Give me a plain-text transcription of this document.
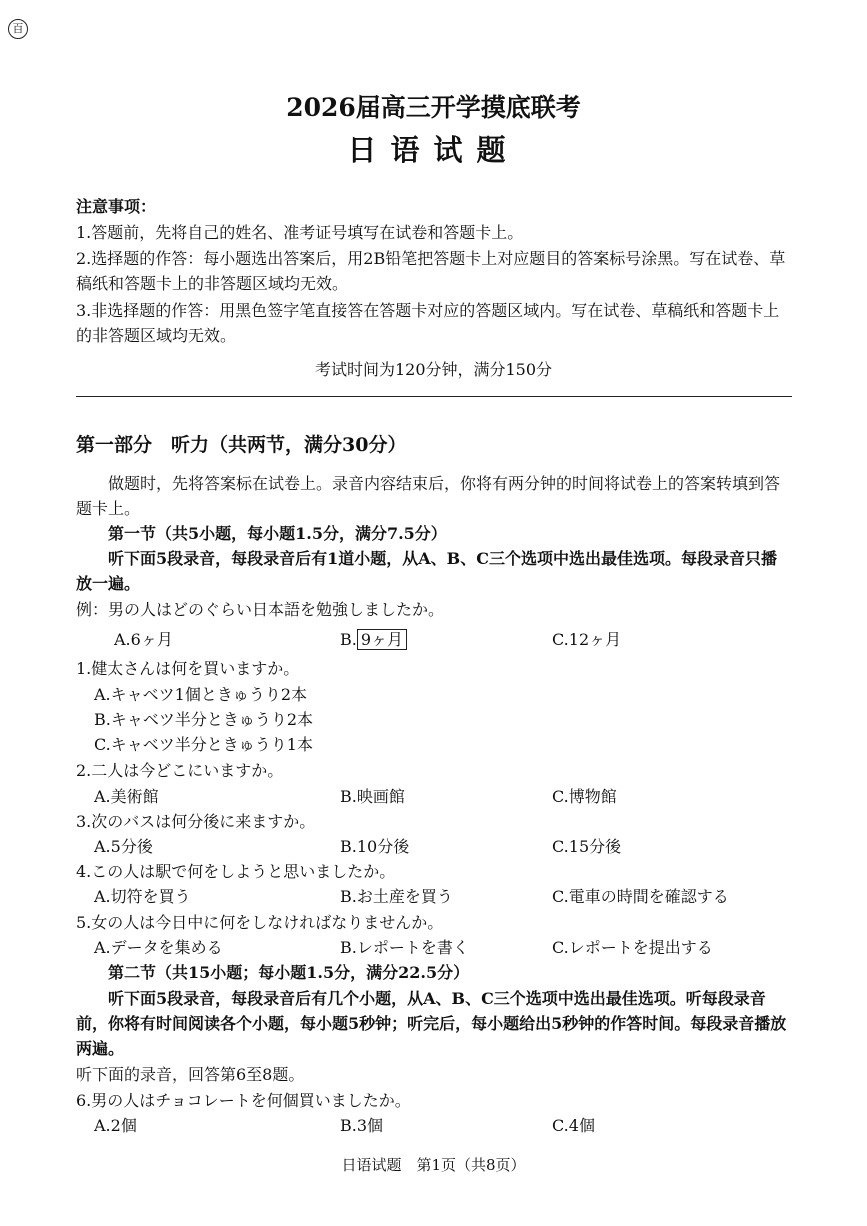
百
2026届高三开学摸底联考
日语试题
注意事项：
1.答题前，先将自己的姓名、准考证号填写在试卷和答题卡上。
2.选择题的作答：每小题选出答案后，用2B铅笔把答题卡上对应题目的答案标号涂黑。写在试卷、草稿纸和答题卡上的非答题区域均无效。
3.非选择题的作答：用黑色签字笔直接答在答题卡对应的答题区域内。写在试卷、草稿纸和答题卡上的非答题区域均无效。
考试时间为120分钟，满分150分
第一部分　听力（共两节，满分30分）
做题时，先将答案标在试卷上。录音内容结束后，你将有两分钟的时间将试卷上的答案转填到答题卡上。
第一节（共5小题，每小题1.5分，满分7.5分）
听下面5段录音，每段录音后有1道小题，从A、B、C三个选项中选出最佳选项。每段录音只播放一遍。
例：男の人はどのぐらい日本語を勉強しましたか。
A.6ヶ月	B. 9ヶ月	C.12ヶ月
1.健太さんは何を買いますか。
A.キャベツ1個ときゅうり2本
B.キャベツ半分ときゅうり2本
C.キャベツ半分ときゅうり1本
2.二人は今どこにいますか。
A.美術館	B.映画館	C.博物館
3.次のバスは何分後に来ますか。
A.5分後	B.10分後	C.15分後
4.この人は駅で何をしようと思いましたか。
A.切符を買う	B.お土産を買う	C.電車の時間を確認する
5.女の人は今日中に何をしなければなりませんか。
A.データを集める	B.レポートを書く	C.レポートを提出する
第二节（共15小题；每小题1.5分，满分22.5分）
听下面5段录音，每段录音后有几个小题，从A、B、C三个选项中选出最佳选项。听每段录音前，你将有时间阅读各个小题，每小题5秒钟；听完后，每小题给出5秒钟的作答时间。每段录音播放两遍。
听下面的录音，回答第6至8题。
6.男の人はチョコレートを何個買いましたか。
A.2個	B.3個	C.4個
日语试题　第1页（共8页）
